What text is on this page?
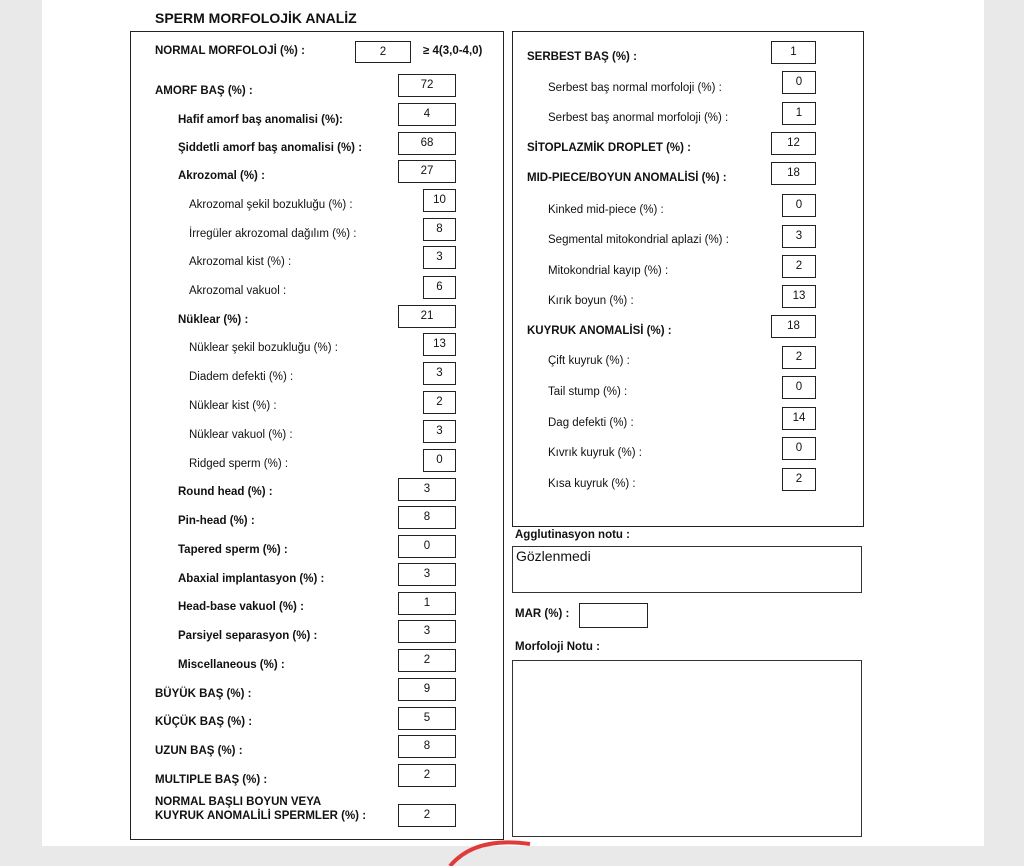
SPERM MORFOLOJİK ANALİZ
NORMAL MORFOLOJİ (%) :	2	≥ 4(3,0-4,0)
AMORF BAŞ (%) :	72
Hafif amorf baş anomalisi (%):	4
Şiddetli amorf baş anomalisi (%) :	68
Akrozomal (%) :	27
Akrozomal şekil bozukluğu (%) :	10
İrregüler akrozomal dağılım (%) :	8
Akrozomal kist (%) :	3
Akrozomal vakuol :	6
Nüklear (%) :	21
Nüklear şekil bozukluğu (%) :	13
Diadem defekti (%) :	3
Nüklear kist (%) :	2
Nüklear vakuol (%) :	3
Ridged sperm (%) :	0
Round head (%) :	3
Pin-head (%) :	8
Tapered sperm (%) :	0
Abaxial implantasyon (%) :	3
Head-base vakuol (%) :	1
Parsiyel separasyon (%) :	3
Miscellaneous (%) :	2
BÜYÜK BAŞ (%) :	9
KÜÇÜK BAŞ (%) :	5
UZUN BAŞ (%) :	8
MULTIPLE BAŞ (%) :	2
NORMAL BAŞLI BOYUN VEYA
KUYRUK ANOMALİLİ SPERMLER (%) :	2
SERBEST BAŞ (%) :	1
Serbest baş normal morfoloji (%) :	0
Serbest baş anormal morfoloji (%) :	1
SİTOPLAZMİK DROPLET (%) :	12
MID-PIECE/BOYUN ANOMALİSİ (%) :	18
Kinked mid-piece (%) :	0
Segmental mitokondrial aplazi (%) :	3
Mitokondrial kayıp (%) :	2
Kırık boyun (%) :	13
KUYRUK ANOMALİSİ (%) :	18
Çift kuyruk (%) :	2
Tail stump (%) :	0
Dag defekti (%) :	14
Kıvrık kuyruk (%) :	0
Kısa kuyruk (%) :	2
Agglutinasyon notu :
Gözlenmedi
MAR (%) :
Morfoloji Notu :
